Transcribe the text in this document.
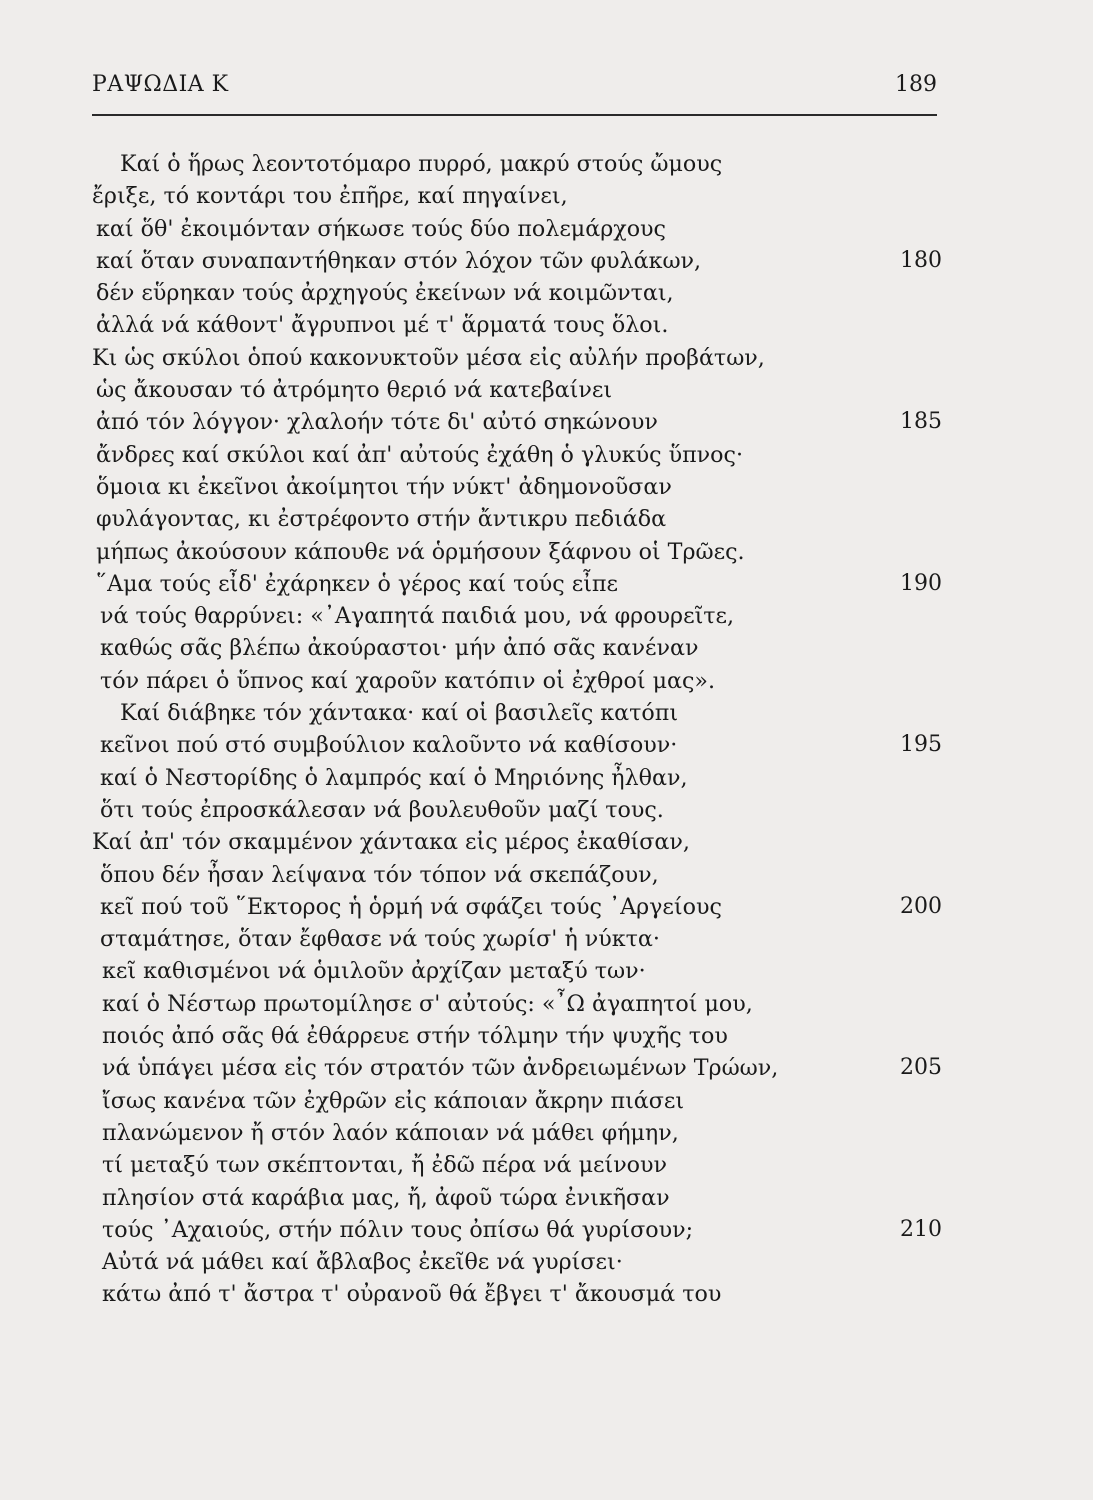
ΡΑΨΩΔΙΑ Κ	189
Καί ὁ ἥρως λεοντοτόμαρο πυρρό, μακρύ στούς ὤμους
ἔριξε, τό κοντάρι του ἐπῆρε, καί πηγαίνει,
καί ὅθ' ἐκοιμόνταν σήκωσε τούς δύο πολεμάρχους
καί ὅταν συναπαντήθηκαν στόν λόχον τῶν φυλάκων,	180
δέν εὕρηκαν τούς ἀρχηγούς ἐκείνων νά κοιμῶνται,
ἀλλά νά κάθοντ' ἄγρυπνοι μέ τ' ἅρματά τους ὅλοι.
Κι ὡς σκύλοι ὁπού κακονυκτοῦν μέσα εἰς αὐλήν προβάτων,
ὡς ἄκουσαν τό ἀτρόμητο θεριό νά κατεβαίνει
ἀπό τόν λόγγον· χλαλοήν τότε δι' αὐτό σηκώνουν	185
ἄνδρες καί σκύλοι καί ἀπ' αὐτούς ἐχάθη ὁ γλυκύς ὕπνος·
ὅμοια κι ἐκεῖνοι ἀκοίμητοι τήν νύκτ' ἀδημονοῦσαν
φυλάγοντας, κι ἐστρέφοντο στήν ἄντικρυ πεδιάδα
μήπως ἀκούσουν κάπουθε νά ὁρμήσουν ξάφνου οἱ Τρῶες.
῞Αμα τούς εἶδ' ἐχάρηκεν ὁ γέρος καί τούς εἶπε	190
νά τούς θαρρύνει: «᾿Αγαπητά παιδιά μου, νά φρουρεῖτε,
καθώς σᾶς βλέπω ἀκούραστοι· μήν ἀπό σᾶς κανέναν
τόν πάρει ὁ ὕπνος καί χαροῦν κατόπιν οἱ ἐχθροί μας».
Καί διάβηκε τόν χάντακα· καί οἱ βασιλεῖς κατόπι
κεῖνοι πού στό συμβούλιον καλοῦντο νά καθίσουν·	195
καί ὁ Νεστορίδης ὁ λαμπρός καί ὁ Μηριόνης ἦλθαν,
ὅτι τούς ἐπροσκάλεσαν νά βουλευθοῦν μαζί τους.
Καί ἀπ' τόν σκαμμένον χάντακα εἰς μέρος ἐκαθίσαν,
ὅπου δέν ἦσαν λείψανα τόν τόπον νά σκεπάζουν,
κεῖ πού τοῦ ῞Εκτορος ἡ ὁρμή νά σφάζει τούς ᾿Αργείους	200
σταμάτησε, ὅταν ἔφθασε νά τούς χωρίσ' ἡ νύκτα·
κεῖ καθισμένοι νά ὁμιλοῦν ἀρχίζαν μεταξύ των·
καί ὁ Νέστωρ πρωτομίλησε σ' αὐτούς: «῏Ω ἀγαπητοί μου,
ποιός ἀπό σᾶς θά ἐθάρρευε στήν τόλμην τήν ψυχῆς του
νά ὑπάγει μέσα εἰς τόν στρατόν τῶν ἀνδρειωμένων Τρώων,	205
ἴσως κανένα τῶν ἐχθρῶν εἰς κάποιαν ἄκρην πιάσει
πλανώμενον ἤ στόν λαόν κάποιαν νά μάθει φήμην,
τί μεταξύ των σκέπτονται, ἤ ἐδῶ πέρα νά μείνουν
πλησίον στά καράβια μας, ἤ, ἀφοῦ τώρα ἐνικῆσαν
τούς ᾿Αχαιούς, στήν πόλιν τους ὀπίσω θά γυρίσουν;	210
Αὐτά νά μάθει καί ἄβλαβος ἐκεῖθε νά γυρίσει·
κάτω ἀπό τ' ἄστρα τ' οὐρανοῦ θά ἔβγει τ' ἄκουσμά του
